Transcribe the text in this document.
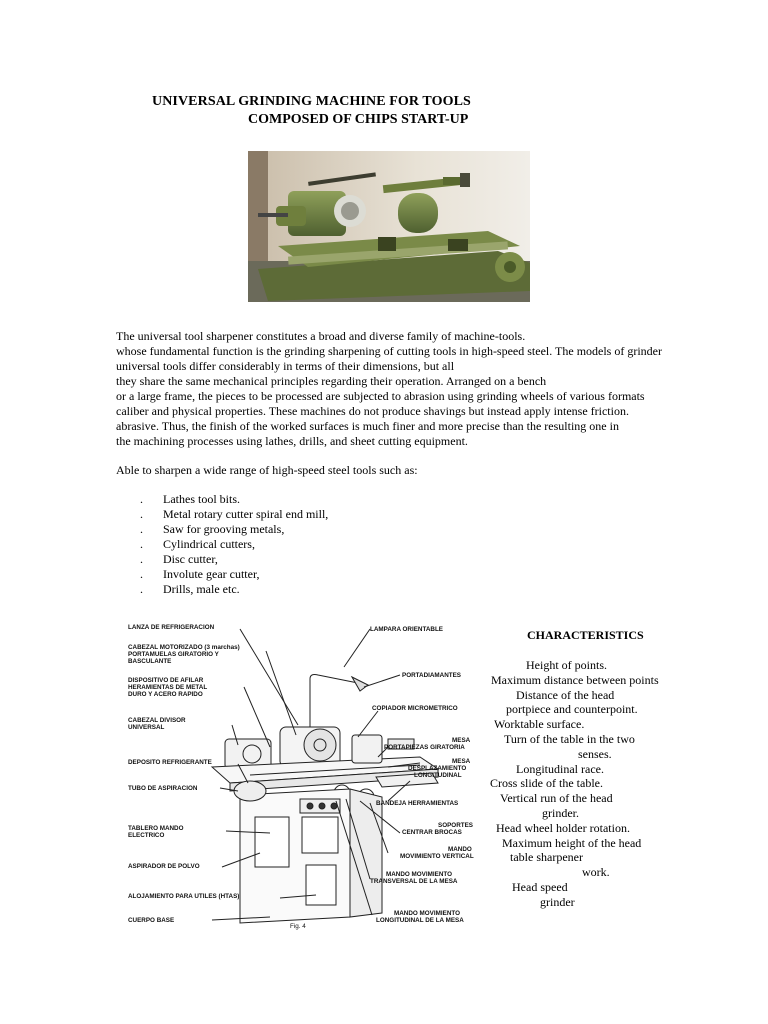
UNIVERSAL GRINDING MACHINE FOR TOOLS
COMPOSED OF CHIPS START-UP
The universal tool sharpener constitutes a broad and diverse family of machine-tools.
whose fundamental function is the grinding sharpening of cutting tools in high-speed steel. The models of grinder
universal tools differ considerably in terms of their dimensions, but all
they share the same mechanical principles regarding their operation. Arranged on a bench
or a large frame, the pieces to be processed are subjected to abrasion using grinding wheels of various formats
caliber and physical properties. These machines do not produce shavings but instead apply intense friction.
abrasive. Thus, the finish of the worked surfaces is much finer and more precise than the resulting one in
the machining processes using lathes, drills, and sheet cutting equipment.
Able to sharpen a wide range of high-speed steel tools such as:
. Lathes tool bits.
. Metal rotary cutter spiral end mill,
. Saw for grooving metals,
. Cylindrical cutters,
. Disc cutter,
. Involute gear cutter,
. Drills, male etc.
LANZA DE REFRIGERACION
CABEZAL MOTORIZADO (3 marchas)
PORTAMUELAS GIRATORIO Y
BASCULANTE
DISPOSITIVO DE AFILAR
HERAMIENTAS DE METAL
DURO Y ACERO RAPIDO
CABEZAL DIVISOR
UNIVERSAL
DEPOSITO REFRIGERANTE
TUBO DE ASPIRACION
TABLERO MANDO
ELECTRICO
ASPIRADOR DE POLVO
ALOJAMIENTO PARA UTILES (HTAS)
CUERPO BASE
LAMPARA ORIENTABLE
PORTADIAMANTES
COPIADOR MICROMETRICO
MESA
PORTAPIEZAS GIRATORIA
MESA
DESPLAZAMIENTO
LONGITUDINAL
BANDEJA HERRAMIENTAS
SOPORTES
CENTRAR BROCAS
MANDO
MOVIMIENTO VERTICAL
MANDO MOVIMIENTO
TRANSVERSAL DE LA MESA
MANDO MOVIMIENTO
LONGITUDINAL DE LA MESA
Fig. 4
CHARACTERISTICS
Height of points.
Maximum distance between points
Distance of the head
portpiece and counterpoint.
Worktable surface.
Turn of the table in the two
senses.
Longitudinal race.
Cross slide of the table.
Vertical run of the head
grinder.
Head wheel holder rotation.
Maximum height of the head
table sharpener
work.
Head speed
grinder
